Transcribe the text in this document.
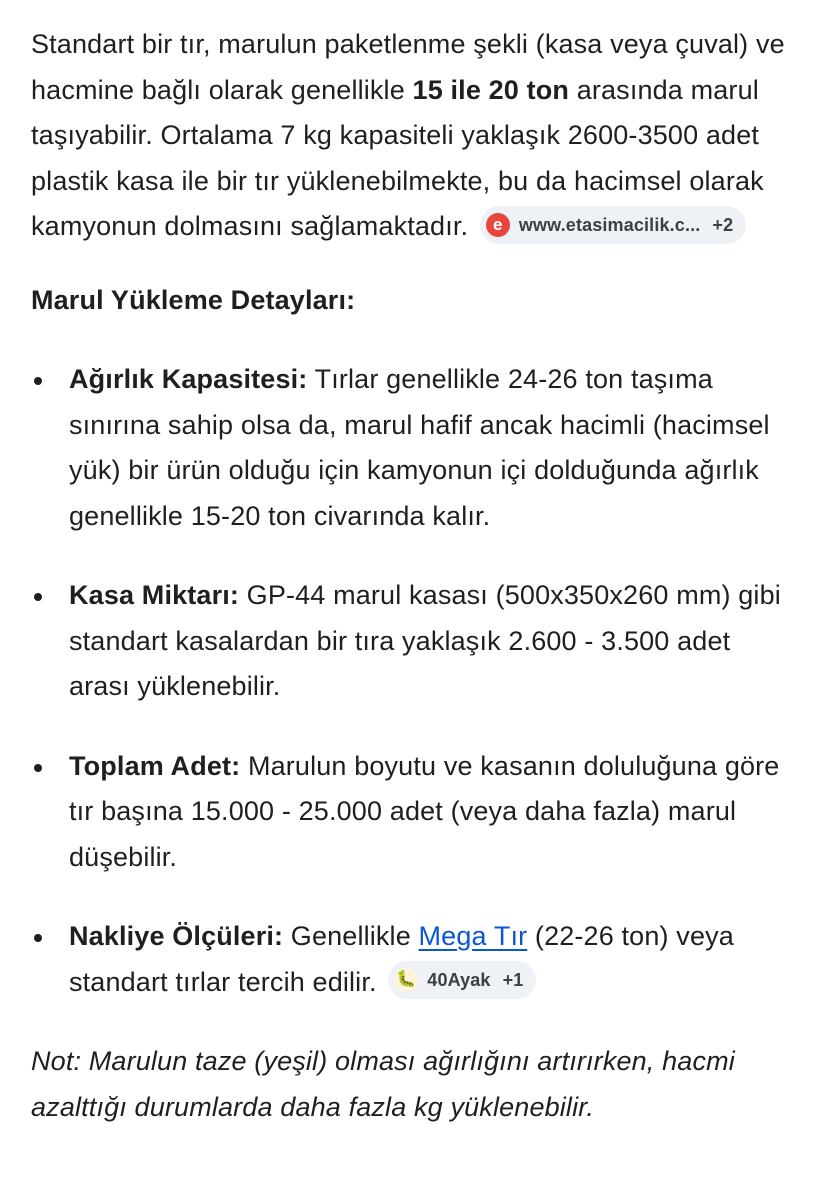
Standart bir tır, marulun paketlenme şekli (kasa veya çuval) ve hacmine bağlı olarak genellikle 15 ile 20 ton arasında marul taşıyabilir. Ortalama 7 kg kapasiteli yaklaşık 2600-3500 adet plastik kasa ile bir tır yüklenebilmekte, bu da hacimsel olarak kamyonun dolmasını sağlamaktadır.	e www.etasimacilik.c... +2

Marul Yükleme Detayları:
Ağırlık Kapasitesi: Tırlar genellikle 24-26 ton taşıma sınırına sahip olsa da, marul hafif ancak hacimli (hacimsel yük) bir ürün olduğu için kamyonun içi dolduğunda ağırlık genellikle 15-20 ton civarında kalır.
Kasa Miktarı: GP-44 marul kasası (500x350x260 mm) gibi standart kasalardan bir tıra yaklaşık 2.600 - 3.500 adet arası yüklenebilir.
Toplam Adet: Marulun boyutu ve kasanın doluluğuna göre tır başına 15.000 - 25.000 adet (veya daha fazla) marul düşebilir.
Nakliye Ölçüleri: Genellikle Mega Tır (22-26 ton) veya standart tırlar tercih edilir. 🐛 40Ayak +1

Not: Marulun taze (yeşil) olması ağırlığını artırırken, hacmi azalttığı durumlarda daha fazla kg yüklenebilir.
